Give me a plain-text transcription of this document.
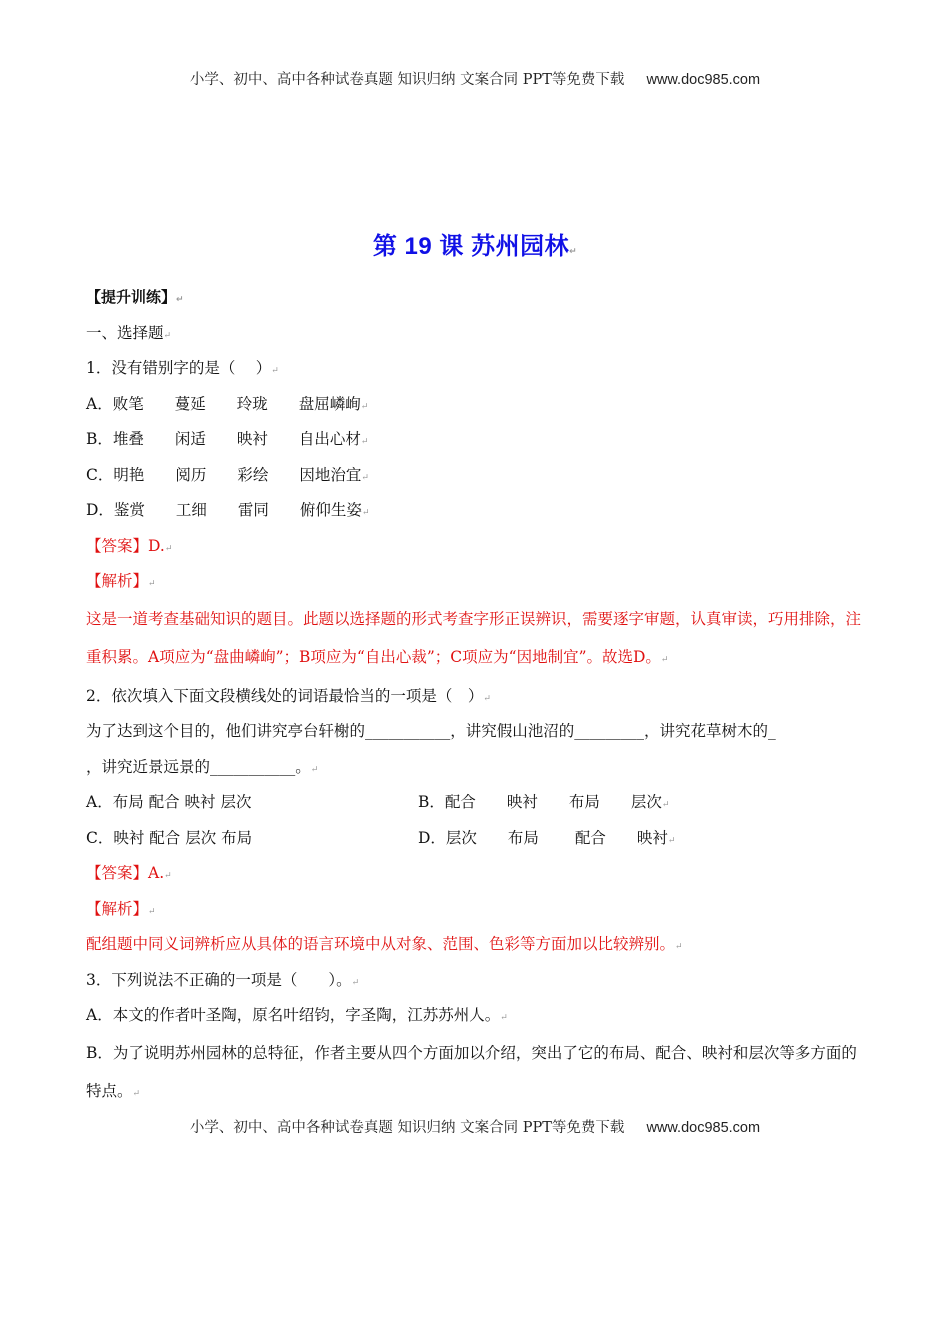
小学、初中、高中各种试卷真题 知识归纳 文案合同 PPT等免费下载 www.doc985.com
第 19 课 苏州园林↵
【提升训练】↵
一、选择题↵
1．没有错别字的是（　 ）↵
A．败笔　　蔓延　　玲珑　　盘屈嶙峋↵
B．堆叠　　闲适　　映衬　　自出心材↵
C．明艳　　阅历　　彩绘　　因地治宜↵
D．鉴赏　　工细　　雷同　　俯仰生姿↵
【答案】D.↵
【解析】↵
这是一道考查基础知识的题目。此题以选择题的形式考查字形正误辨识，需要逐字审题，认真审读，巧用排除，注重积累。A项应为“盘曲嶙峋”；B项应为“自出心裁”；C项应为“因地制宜”。故选D。↵
2．依次填入下面文段横线处的词语最恰当的一项是（　）↵
为了达到这个目的，他们讲究亭台轩榭的___________，讲究假山池沼的_________，讲究花草树木的_
，讲究近景远景的___________。↵
A．布局 配合 映衬 层次	B．配合　　映衬　　布局　　层次↵
C．映衬 配合 层次 布局	D．层次　　布局　　 配合　　映衬↵
【答案】A.↵
【解析】↵
配组题中同义词辨析应从具体的语言环境中从对象、范围、色彩等方面加以比较辨别。↵
3．下列说法不正确的一项是（　　）。↵
A．本文的作者叶圣陶，原名叶绍钧，字圣陶，江苏苏州人。↵
B．为了说明苏州园林的总特征，作者主要从四个方面加以介绍，突出了它的布局、配合、映衬和层次等多方面的特点。↵
小学、初中、高中各种试卷真题 知识归纳 文案合同 PPT等免费下载 www.doc985.com
